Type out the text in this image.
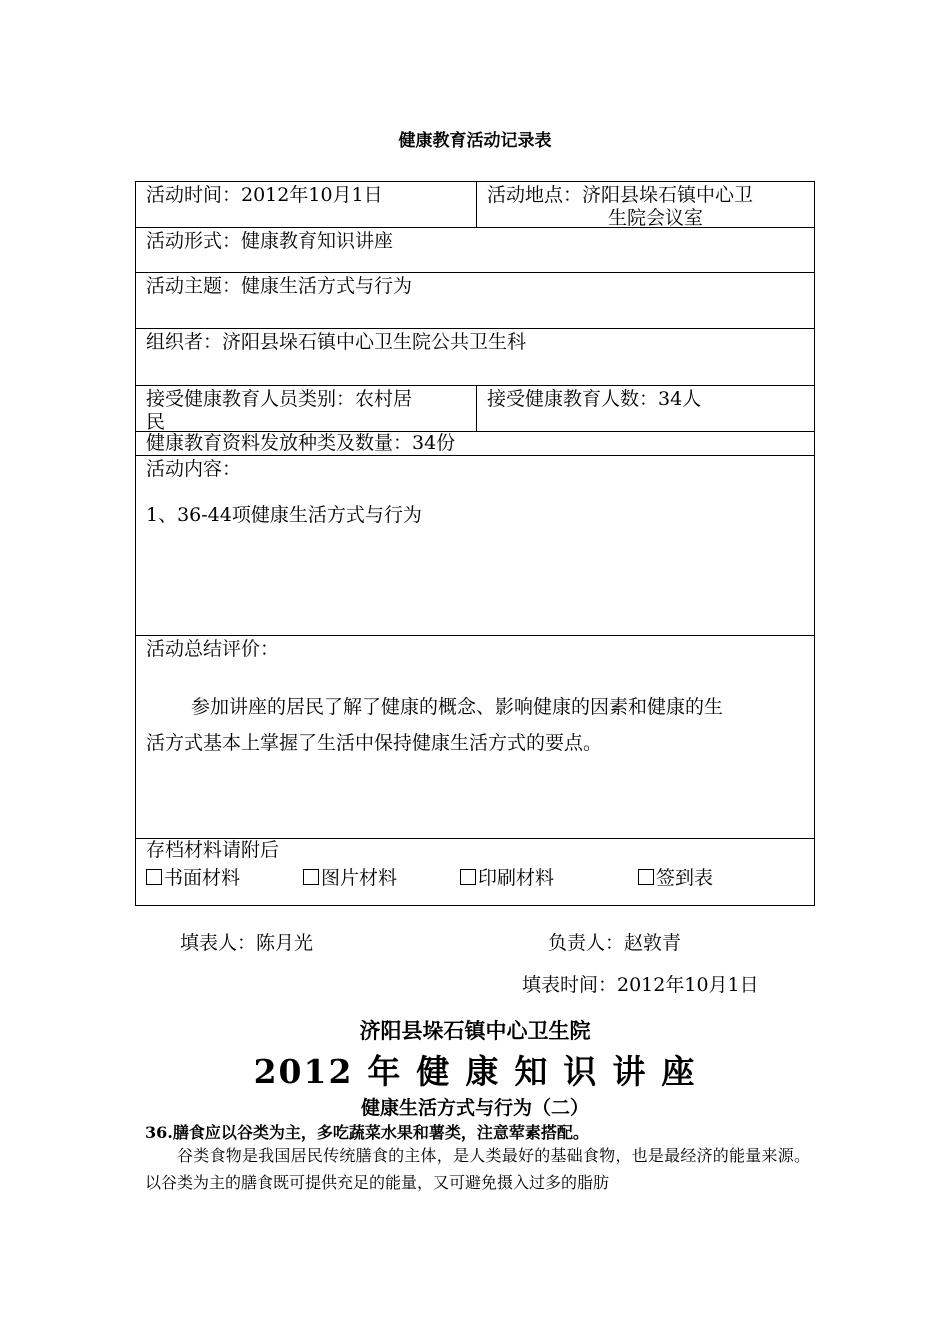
健康教育活动记录表
活动时间：2012年10月1日	活动地点：济阳县垛石镇中心卫
生院会议室
活动形式：健康教育知识讲座
活动主题：健康生活方式与行为
组织者：济阳县垛石镇中心卫生院公共卫生科
接受健康教育人员类别：农村居
民
接受健康教育人数：34人
健康教育资料发放种类及数量：34份
活动内容：
1、36-44项健康生活方式与行为
活动总结评价：
参加讲座的居民了解了健康的概念、影响健康的因素和健康的生
活方式基本上掌握了生活中保持健康生活方式的要点。
存档材料请附后
书面材料	图片材料	印刷材料	签到表
填表人：陈月光	负责人：赵敦青
填表时间：2012年10月1日
济阳县垛石镇中心卫生院
2012 年 健 康 知 识 讲 座
健康生活方式与行为（二）
36.膳食应以谷类为主，多吃蔬菜水果和薯类，注意荤素搭配。
谷类食物是我国居民传统膳食的主体，是人类最好的基础食物，也是最经济的能量来源。以谷类为主的膳食既可提供充足的能量，又可避免摄入过多的脂肪
